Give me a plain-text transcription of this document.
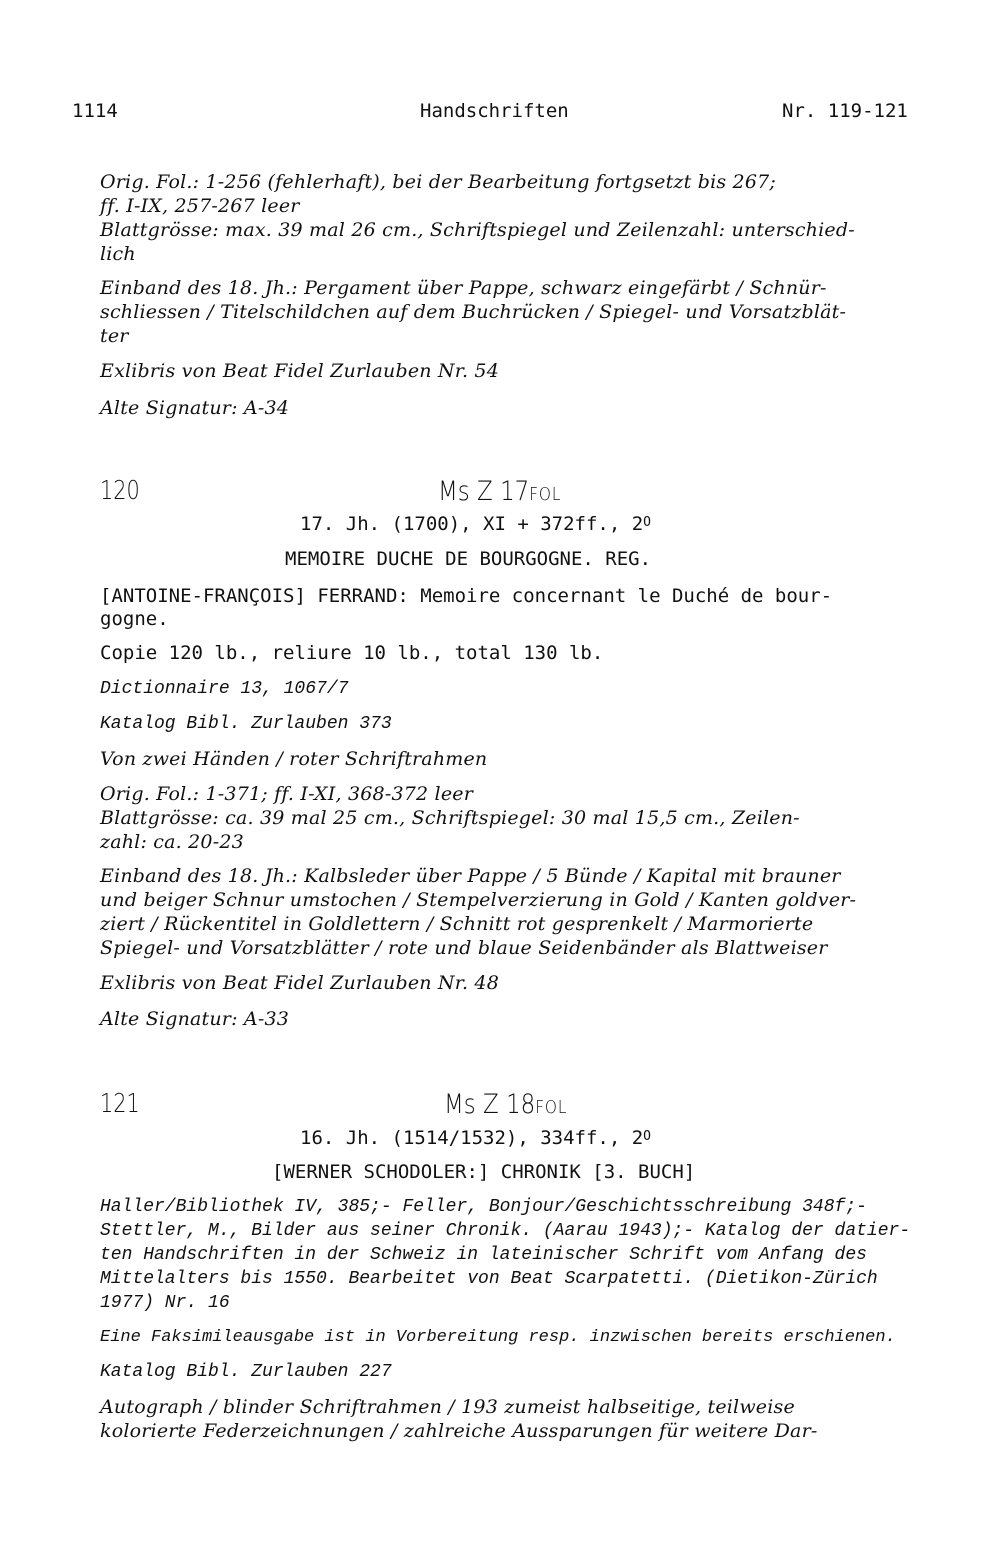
1114	Handschriften	Nr. 119-121
Orig. Fol.: 1-256 (fehlerhaft), bei der Bearbeitung fortgsetzt bis 267;
ff. I-IX, 257-267 leer
Blattgrösse: max. 39 mal 26 cm., Schriftspiegel und Zeilenzahl: unterschied-
lich
Einband des 18. Jh.: Pergament über Pappe, schwarz eingefärbt / Schnür-
schliessen / Titelschildchen auf dem Buchrücken / Spiegel- und Vorsatzblät-
ter
Exlibris von Beat Fidel Zurlauben Nr. 54
Alte Signatur: A-34
120	Ms Z 17FOL
17. Jh. (1700), XI + 372ff., $2^O$
MEMOIRE DUCHE DE BOURGOGNE. REG.
[ANTOINE-FRANÇOIS] FERRAND: Memoire concernant le Duché de bour-
gogne.
Copie 120 lb., reliure 10 lb., total 130 lb.
Dictionnaire 13, 1067/7
Katalog Bibl. Zurlauben 373
Von zwei Händen / roter Schriftrahmen
Orig. Fol.: 1-371; ff. I-XI, 368-372 leer
Blattgrösse: ca. 39 mal 25 cm., Schriftspiegel: 30 mal 15,5 cm., Zeilen-
zahl: ca. 20-23
Einband des 18. Jh.: Kalbsleder über Pappe / 5 Bünde / Kapital mit brauner
und beiger Schnur umstochen / Stempelverzierung in Gold / Kanten goldver-
ziert / Rückentitel in Goldlettern / Schnitt rot gesprenkelt / Marmorierte
Spiegel- und Vorsatzblätter / rote und blaue Seidenbänder als Blattweiser
Exlibris von Beat Fidel Zurlauben Nr. 48
Alte Signatur: A-33
121	Ms Z 18FOL
16. Jh. (1514/1532), 334ff., $2^O$
[WERNER SCHODOLER:] CHRONIK [3. BUCH]
Haller/Bibliothek IV, 385;- Feller, Bonjour/Geschichtsschreibung 348f;-
Stettler, M., Bilder aus seiner Chronik. (Aarau 1943);- Katalog der datier-
ten Handschriften in der Schweiz in lateinischer Schrift vom Anfang des
Mittelalters bis 1550. Bearbeitet von Beat Scarpatetti. (Dietikon-Zürich
1977) Nr. 16
Eine Faksimileausgabe ist in Vorbereitung resp. inzwischen bereits erschienen.
Katalog Bibl. Zurlauben 227
Autograph / blinder Schriftrahmen / 193 zumeist halbseitige, teilweise
kolorierte Federzeichnungen / zahlreiche Aussparungen für weitere Dar-
